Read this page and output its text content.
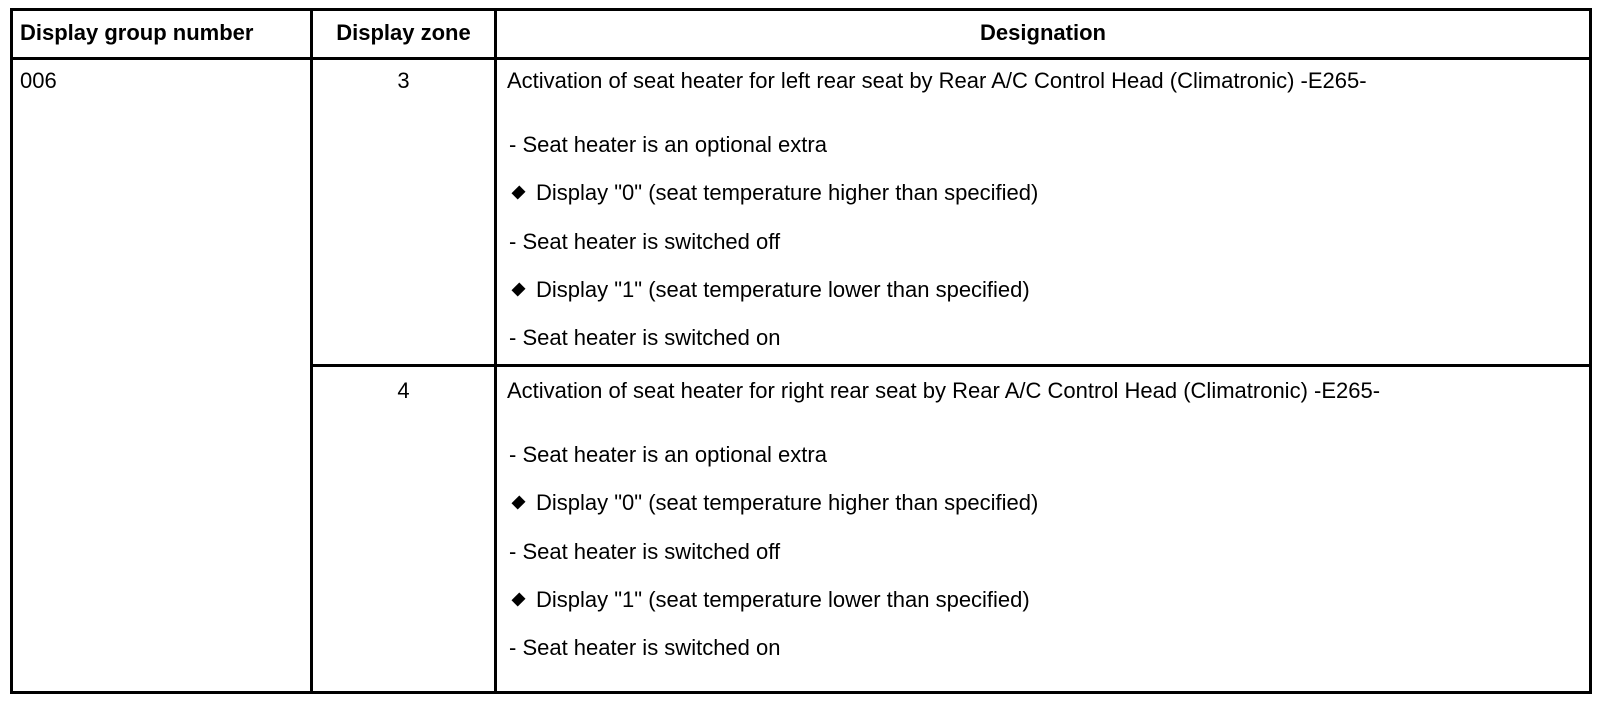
Display group number	Display zone	Designation
006	3	Activation of seat heater for left rear seat by Rear A/C Control Head (Climatronic) -E265-
- Seat heater is an optional extra
Display "0" (seat temperature higher than specified)
- Seat heater is switched off
Display "1" (seat temperature lower than specified)
- Seat heater is switched on
4	Activation of seat heater for right rear seat by Rear A/C Control Head (Climatronic) -E265-
- Seat heater is an optional extra
Display "0" (seat temperature higher than specified)
- Seat heater is switched off
Display "1" (seat temperature lower than specified)
- Seat heater is switched on
